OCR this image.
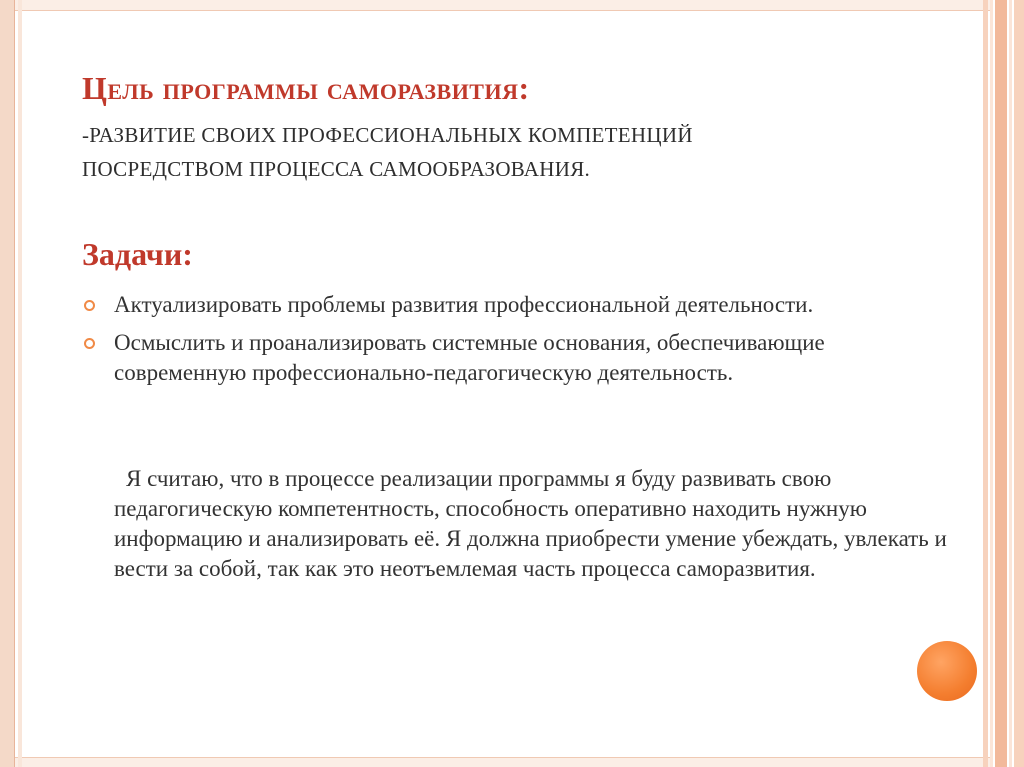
Цель программы саморазвития:
-РАЗВИТИЕ СВОИХ ПРОФЕССИОНАЛЬНЫХ КОМПЕТЕНЦИЙ
ПОСРЕДСТВОМ ПРОЦЕССА САМООБРАЗОВАНИЯ.
Задачи:
Актуализировать проблемы развития профессиональной деятельности.
Осмыслить и проанализировать системные основания, обеспечивающие современную профессионально-педагогическую деятельность.

Я считаю, что в процессе реализации программы я буду развивать свою педагогическую компетентность, способность оперативно находить нужную информацию и анализировать её. Я должна приобрести умение убеждать, увлекать и вести за собой, так как это неотъемлемая часть процесса саморазвития.
